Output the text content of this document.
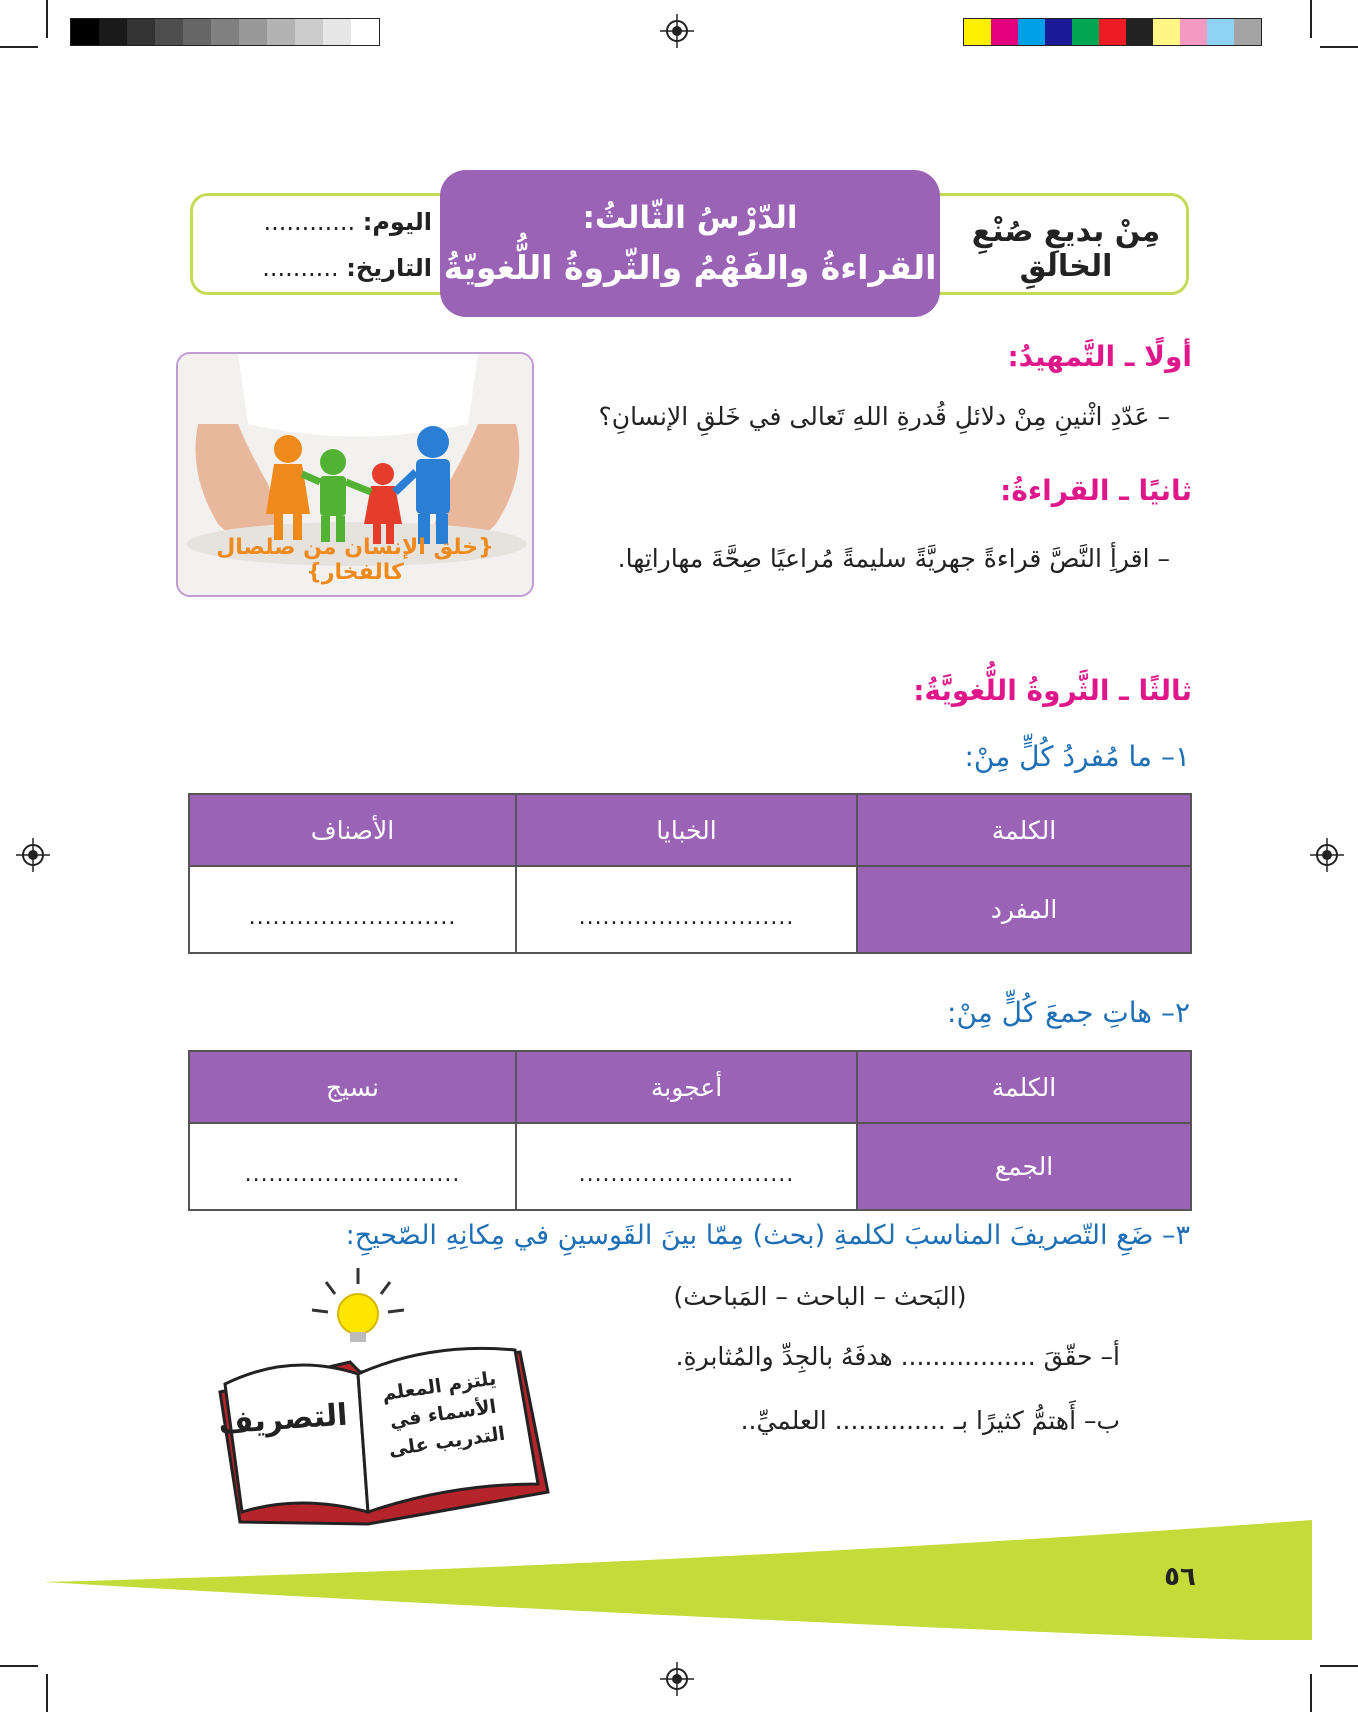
مِنْ بديعِ صُنْعِ الخالقِ
الدّرْسُ الثّالثُ:
القراءةُ والفَهْمُ والثّروةُ اللُّغويّةُ
اليوم: ............
التاريخ: ..........
أولًا ـ التَّمهيدُ:
– عَدّدِ اثْنينِ مِنْ دلائلِ قُدرةِ اللهِ تَعالى في خَلقِ الإنسانِ؟
ثانيًا ـ القراءةُ:
– اقرأِ النَّصَّ قراءةً جهريَّةً سليمةً مُراعيًا صِحَّةَ مهاراتِها.
{خلق الإنسان من صلصال كالفخار}
ثالثًا ـ الثَّروةُ اللُّغويَّةُ:
١– ما مُفردُ كُلٍّ مِنْ:
الكلمة	الخبايا	الأصناف
المفرد	...........................	..........................
٢– هاتِ جمعَ كُلٍّ مِنْ:
الكلمة	أعجوبة	نسيج
الجمع	...........................	...........................
٣– ضَعِ التّصريفَ المناسبَ لكلمةِ (بحث) مِمّا بينَ القَوسينِ في مِكانِهِ الصّحيحِ:
(البَحث – الباحث – المَباحث)
أ– حقّقَ ................. هدفَهُ بالجِدِّ والمُثابرةِ.
ب– أَهتمُّ كثيرًا بـ .............. العلميِّ..
التصريف
يلتزم المعلم
الأسماء في
التدريب على
٥٦
